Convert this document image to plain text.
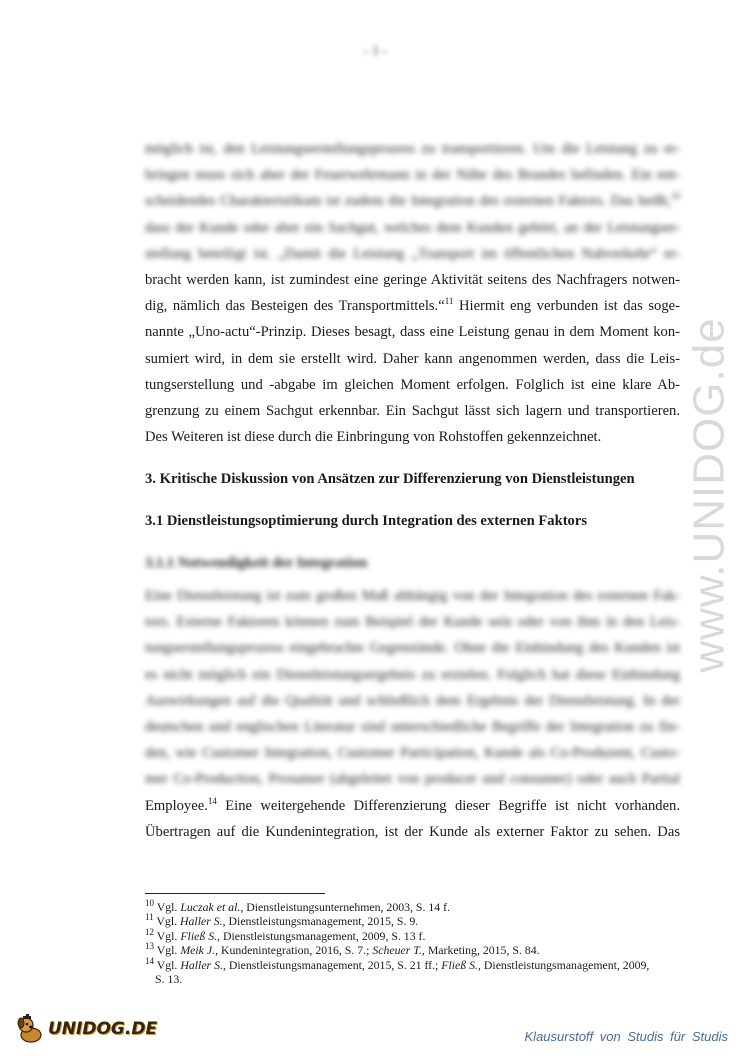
- 3 -
möglich ist, den Leistungserstellungsprozess zu transportieren. Um die Leistung zu er-
bringen muss sich aber der Feuerwehrmann in der Nähe des Brandes befinden. Ein ent-
scheidendes Charakteristikum ist zudem die Integration des externen Faktors. Das heißt,$^{10}$
dass der Kunde oder aber ein Sachgut, welches dem Kunden gehört, an der Leistungser-
stellung beteiligt ist. „Damit die Leistung „Transport im öffentlichen Nahverkehr“ er-
bracht werden kann, ist zumindest eine geringe Aktivität seitens des Nachfragers notwen-
dig, nämlich das Besteigen des Transportmittels.“$^{11}$ Hiermit eng verbunden ist das soge-
nannte „Uno-actu“-Prinzip. Dieses besagt, dass eine Leistung genau in dem Moment kon-
sumiert wird, in dem sie erstellt wird. Daher kann angenommen werden, dass die Leis-
tungserstellung und -abgabe im gleichen Moment erfolgen. Folglich ist eine klare Ab-
grenzung zu einem Sachgut erkennbar. Ein Sachgut lässt sich lagern und transportieren.
Des Weiteren ist diese durch die Einbringung von Rohstoffen gekennzeichnet.
3. Kritische Diskussion von Ansätzen zur Differenzierung von Dienstleistungen
3.1 Dienstleistungsoptimierung durch Integration des externen Faktors
3.1.1 Notwendigkeit der Integration
Eine Dienstleistung ist zum großen Maß abhängig von der Integration des externen Fak-
tors. Externe Faktoren können zum Beispiel der Kunde sein oder von ihm in den Leis-
tungserstellungsprozess eingebrachte Gegenstände. Ohne die Einbindung des Kunden ist
es nicht möglich ein Dienstleistungsergebnis zu erzielen. Folglich hat diese Einbindung
Auswirkungen auf die Qualität und schließlich dem Ergebnis der Dienstleistung. In der
deutschen und englischen Literatur sind unterschiedliche Begriffe der Integration zu fin-
den, wie Customer Integration, Customer Participation, Kunde als Co-Produzent, Custo-
mer Co-Production, Prosumer (abgeleitet von producer und consumer) oder auch Partial
Employee.$^{14}$ Eine weitergehende Differenzierung dieser Begriffe ist nicht vorhanden.
Übertragen auf die Kundenintegration, ist der Kunde als externer Faktor zu sehen. Das
$^{10}$ Vgl. Luczak et al., Dienstleistungsunternehmen, 2003, S. 14 f.
$^{11}$ Vgl. Haller S., Dienstleistungsmanagement, 2015, S. 9.
$^{12}$ Vgl. Fließ S., Dienstleistungsmanagement, 2009, S. 13 f.
$^{13}$ Vgl. Meik J., Kundenintegration, 2016, S. 7.; Scheuer T., Marketing, 2015, S. 84.
$^{14}$ Vgl. Haller S., Dienstleistungsmanagement, 2015, S. 21 ff.; Fließ S., Dienstleistungsmanagement, 2009,
S. 13.
www.UNIDOG.de
UNIDOG.DE	Klausurstoff von Studis für Studis
